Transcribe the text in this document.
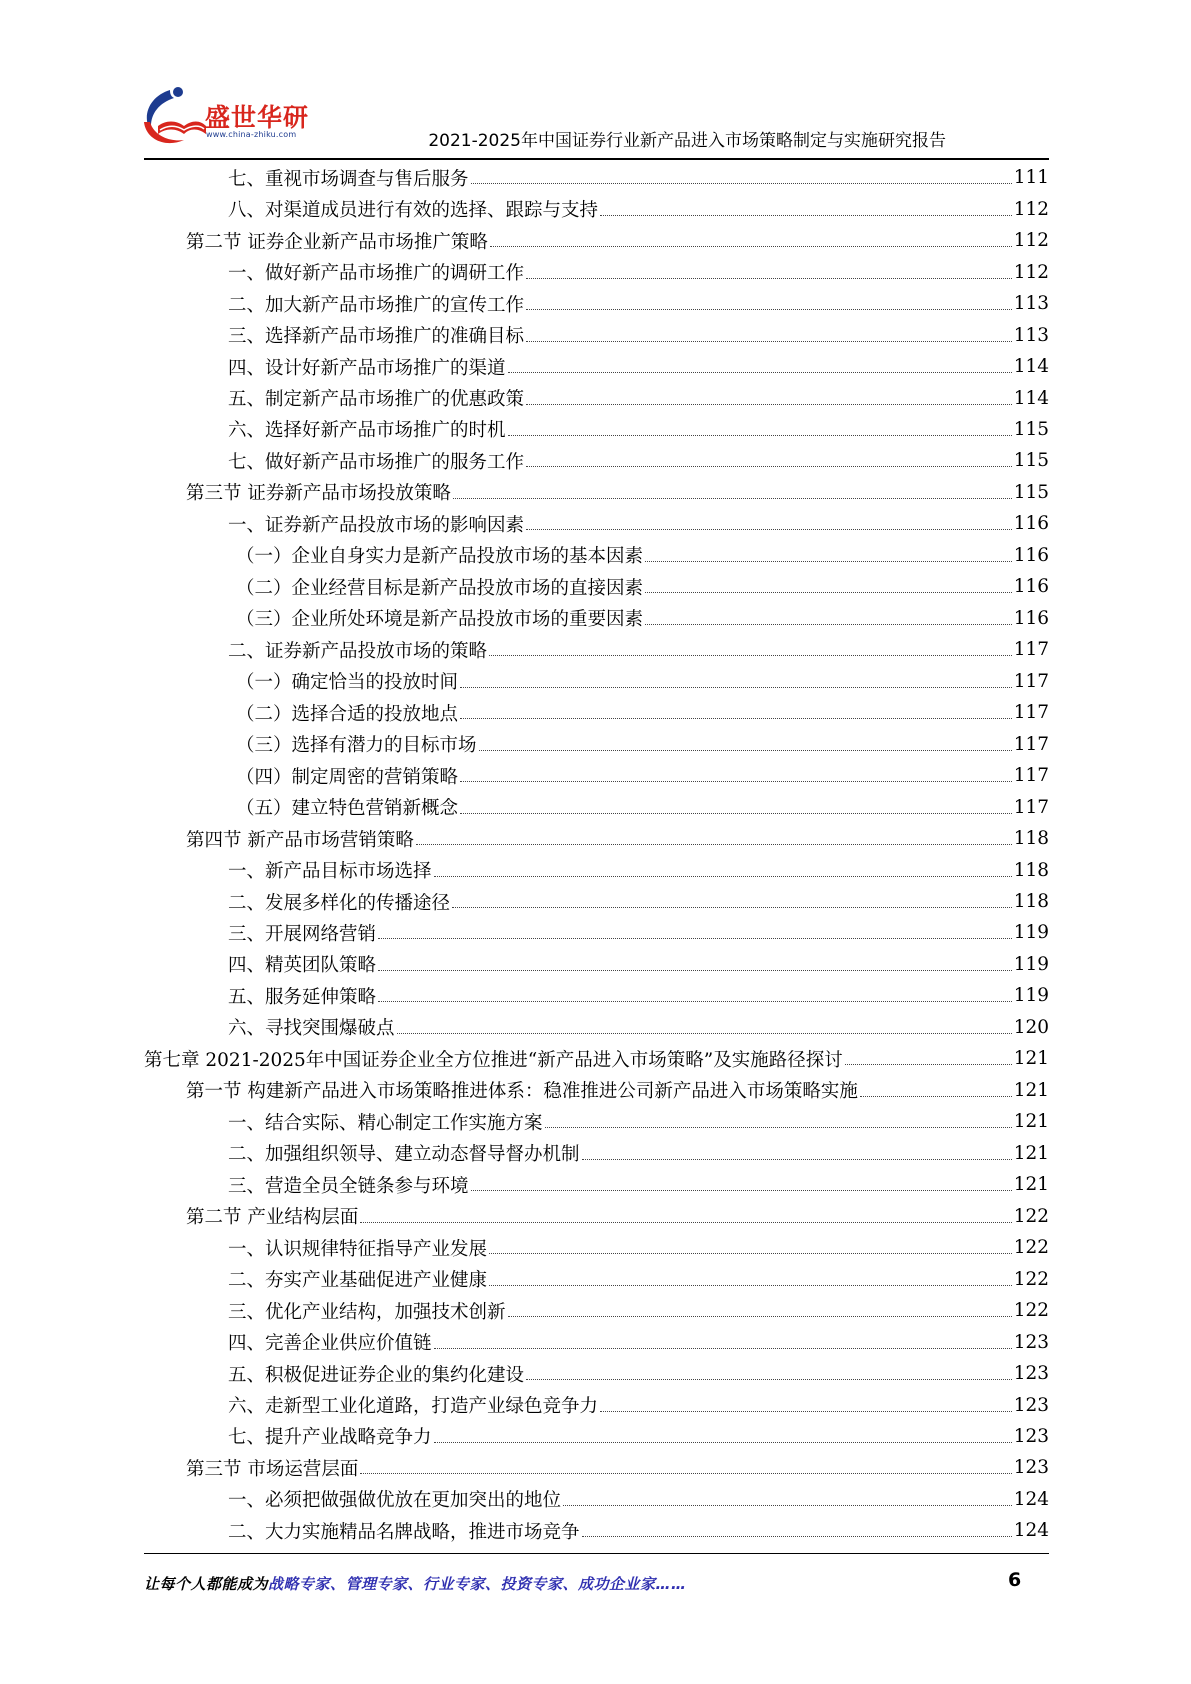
盛世华研
www.china-zhiku.com	2021-2025年中国证券行业新产品进入市场策略制定与实施研究报告
七、重视市场调查与售后服务	111
八、对渠道成员进行有效的选择、跟踪与支持	112
第二节 证券企业新产品市场推广策略	112
一、做好新产品市场推广的调研工作	112
二、加大新产品市场推广的宣传工作	113
三、选择新产品市场推广的准确目标	113
四、设计好新产品市场推广的渠道	114
五、制定新产品市场推广的优惠政策	114
六、选择好新产品市场推广的时机	115
七、做好新产品市场推广的服务工作	115
第三节 证券新产品市场投放策略	115
一、证券新产品投放市场的影响因素	116
（一）企业自身实力是新产品投放市场的基本因素	116
（二）企业经营目标是新产品投放市场的直接因素	116
（三）企业所处环境是新产品投放市场的重要因素	116
二、证券新产品投放市场的策略	117
（一）确定恰当的投放时间	117
（二）选择合适的投放地点	117
（三）选择有潜力的目标市场	117
（四）制定周密的营销策略	117
（五）建立特色营销新概念	117
第四节 新产品市场营销策略	118
一、新产品目标市场选择	118
二、发展多样化的传播途径	118
三、开展网络营销	119
四、精英团队策略	119
五、服务延伸策略	119
六、寻找突围爆破点	120
第七章 2021-2025年中国证券企业全方位推进“新产品进入市场策略”及实施路径探讨	121
第一节 构建新产品进入市场策略推进体系：稳准推进公司新产品进入市场策略实施	121
一、结合实际、精心制定工作实施方案	121
二、加强组织领导、建立动态督导督办机制	121
三、营造全员全链条参与环境	121
第二节 产业结构层面	122
一、认识规律特征指导产业发展	122
二、夯实产业基础促进产业健康	122
三、优化产业结构，加强技术创新	122
四、完善企业供应价值链	123
五、积极促进证券企业的集约化建设	123
六、走新型工业化道路，打造产业绿色竞争力	123
七、提升产业战略竞争力	123
第三节 市场运营层面	123
一、必须把做强做优放在更加突出的地位	124
二、大力实施精品名牌战略，推进市场竞争	124
让每个人都能成为战略专家、管理专家、行业专家、投资专家、成功企业家……	6
